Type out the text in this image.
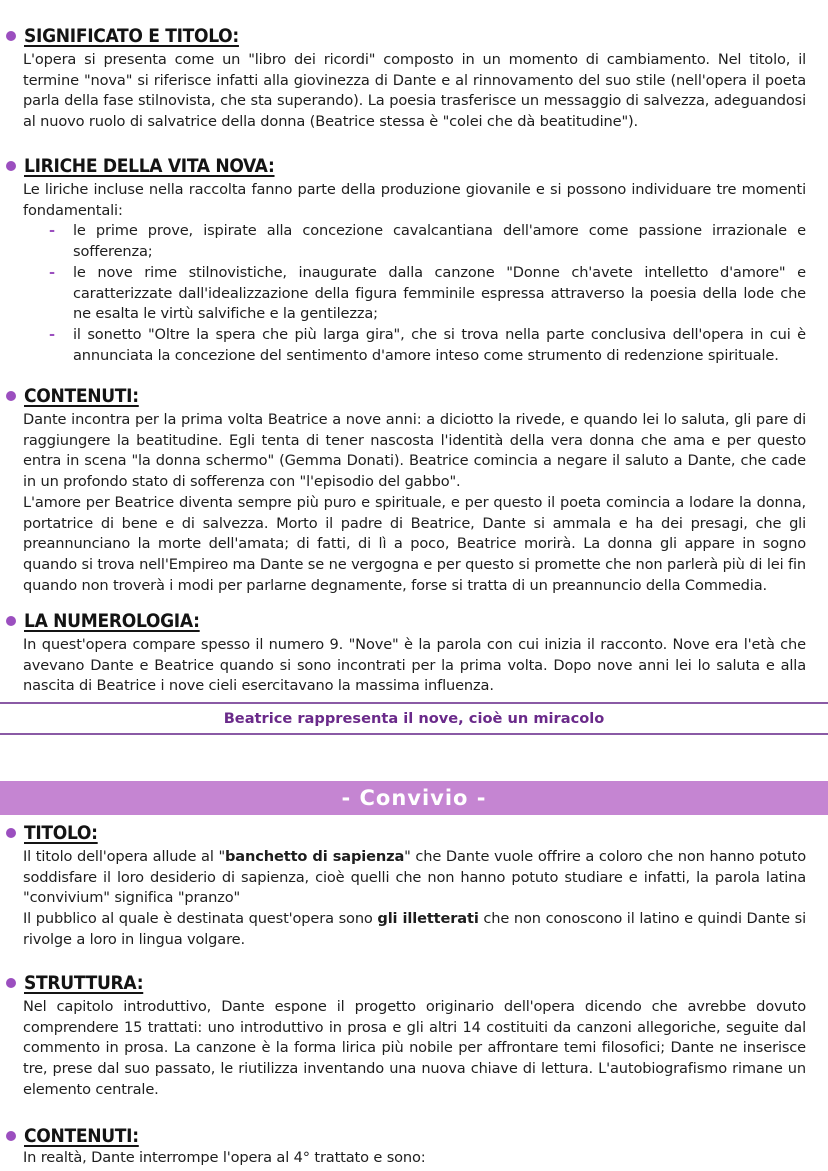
SIGNIFICATO E TITOLO:

L'opera si presenta come un "libro dei ricordi" composto in un momento di cambiamento. Nel titolo, il termine "nova" si riferisce infatti alla giovinezza di Dante e al rinnovamento del suo stile (nell'opera il poeta parla della fase stilnovista, che sta superando). La poesia trasferisce un messaggio di salvezza, adeguandosi al nuovo ruolo di salvatrice della donna (Beatrice stessa è "colei che dà beatitudine").

LIRICHE DELLA VITA NOVA:

Le liriche incluse nella raccolta fanno parte della produzione giovanile e si possono individuare tre momenti fondamentali:

- le prime prove, ispirate alla concezione cavalcantiana dell'amore come passione irrazionale e sofferenza;
- le nove rime stilnovistiche, inaugurate dalla canzone "Donne ch'avete intelletto d'amore" e caratterizzate dall'idealizzazione della figura femminile espressa attraverso la poesia della lode che ne esalta le virtù salvifiche e la gentilezza;
- il sonetto "Oltre la spera che più larga gira", che si trova nella parte conclusiva dell'opera in cui è annunciata la concezione del sentimento d'amore inteso come strumento di redenzione spirituale.
CONTENUTI:

Dante incontra per la prima volta Beatrice a nove anni: a diciotto la rivede, e quando lei lo saluta, gli pare di raggiungere la beatitudine. Egli tenta di tener nascosta l'identità della vera donna che ama e per questo entra in scena "la donna schermo" (Gemma Donati). Beatrice comincia a negare il saluto a Dante, che cade in un profondo stato di sofferenza con "l'episodio del gabbo".

L'amore per Beatrice diventa sempre più puro e spirituale, e per questo il poeta comincia a lodare la donna, portatrice di bene e di salvezza. Morto il padre di Beatrice, Dante si ammala e ha dei presagi, che gli preannunciano la morte dell'amata; di fatti, di lì a poco, Beatrice morirà. La donna gli appare in sogno quando si trova nell'Empireo ma Dante se ne vergogna e per questo si promette che non parlerà più di lei fin quando non troverà i modi per parlarne degnamente, forse si tratta di un preannuncio della Commedia.

LA NUMEROLOGIA:

In quest'opera compare spesso il numero 9. "Nove" è la parola con cui inizia il racconto. Nove era l'età che avevano Dante e Beatrice quando si sono incontrati per la prima volta. Dopo nove anni lei lo saluta e alla nascita di Beatrice i nove cieli esercitavano la massima influenza.

Beatrice rappresenta il nove, cioè un miracolo
- Convivio -
TITOLO:

Il titolo dell'opera allude al "banchetto di sapienza" che Dante vuole offrire a coloro che non hanno potuto soddisfare il loro desiderio di sapienza, cioè quelli che non hanno potuto studiare e infatti, la parola latina "convivium" significa "pranzo"

Il pubblico al quale è destinata quest'opera sono gli illetterati che non conoscono il latino e quindi Dante si rivolge a loro in lingua volgare.

STRUTTURA:

Nel capitolo introduttivo, Dante espone il progetto originario dell'opera dicendo che avrebbe dovuto comprendere 15 trattati: uno introduttivo in prosa e gli altri 14 costituiti da canzoni allegoriche, seguite dal commento in prosa. La canzone è la forma lirica più nobile per affrontare temi filosofici; Dante ne inserisce tre, prese dal suo passato, le riutilizza inventando una nuova chiave di lettura. L'autobiografismo rimane un elemento centrale.

CONTENUTI:

In realtà, Dante interrompe l'opera al 4° trattato e sono:
